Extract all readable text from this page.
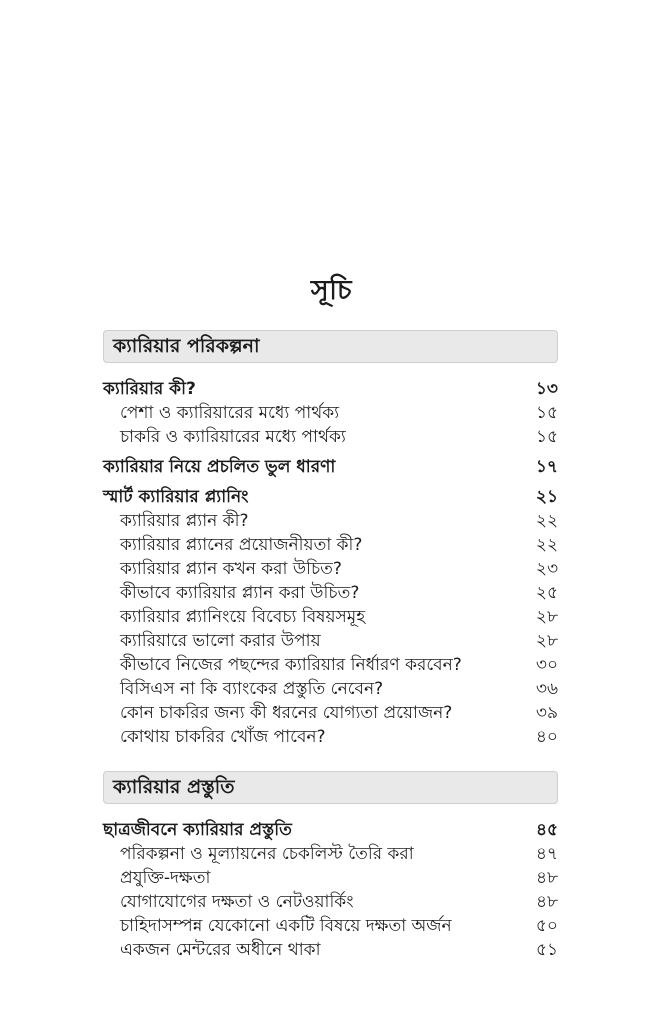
সূচি
ক্যারিয়ার পরিকল্পনা
ক্যারিয়ার কী?	১৩
পেশা ও ক্যারিয়ারের মধ্যে পার্থক্য	১৫
চাকরি ও ক্যারিয়ারের মধ্যে পার্থক্য	১৫
ক্যারিয়ার নিয়ে প্রচলিত ভুল ধারণা	১৭
স্মার্ট ক্যারিয়ার প্ল্যানিং	২১
ক্যারিয়ার প্ল্যান কী?	২২
ক্যারিয়ার প্ল্যানের প্রয়োজনীয়তা কী?	২২
ক্যারিয়ার প্ল্যান কখন করা উচিত?	২৩
কীভাবে ক্যারিয়ার প্ল্যান করা উচিত?	২৫
ক্যারিয়ার প্ল্যানিংয়ে বিবেচ্য বিষয়সমূহ	২৮
ক্যারিয়ারে ভালো করার উপায়	২৮
কীভাবে নিজের পছন্দের ক্যারিয়ার নির্ধারণ করবেন?	৩০
বিসিএস না কি ব্যাংকের প্রস্তুতি নেবেন?	৩৬
কোন চাকরির জন্য কী ধরনের যোগ্যতা প্রয়োজন?	৩৯
কোথায় চাকরির খোঁজ পাবেন?	৪০
ক্যারিয়ার প্রস্তুতি
ছাত্রজীবনে ক্যারিয়ার প্রস্তুতি	৪৫
পরিকল্পনা ও মূল্যায়নের চেকলিস্ট তৈরি করা	৪৭
প্রযুক্তি-দক্ষতা	৪৮
যোগাযোগের দক্ষতা ও নেটওয়ার্কিং	৪৮
চাহিদাসম্পন্ন যেকোনো একটি বিষয়ে দক্ষতা অর্জন	৫০
একজন মেন্টরের অধীনে থাকা	৫১
